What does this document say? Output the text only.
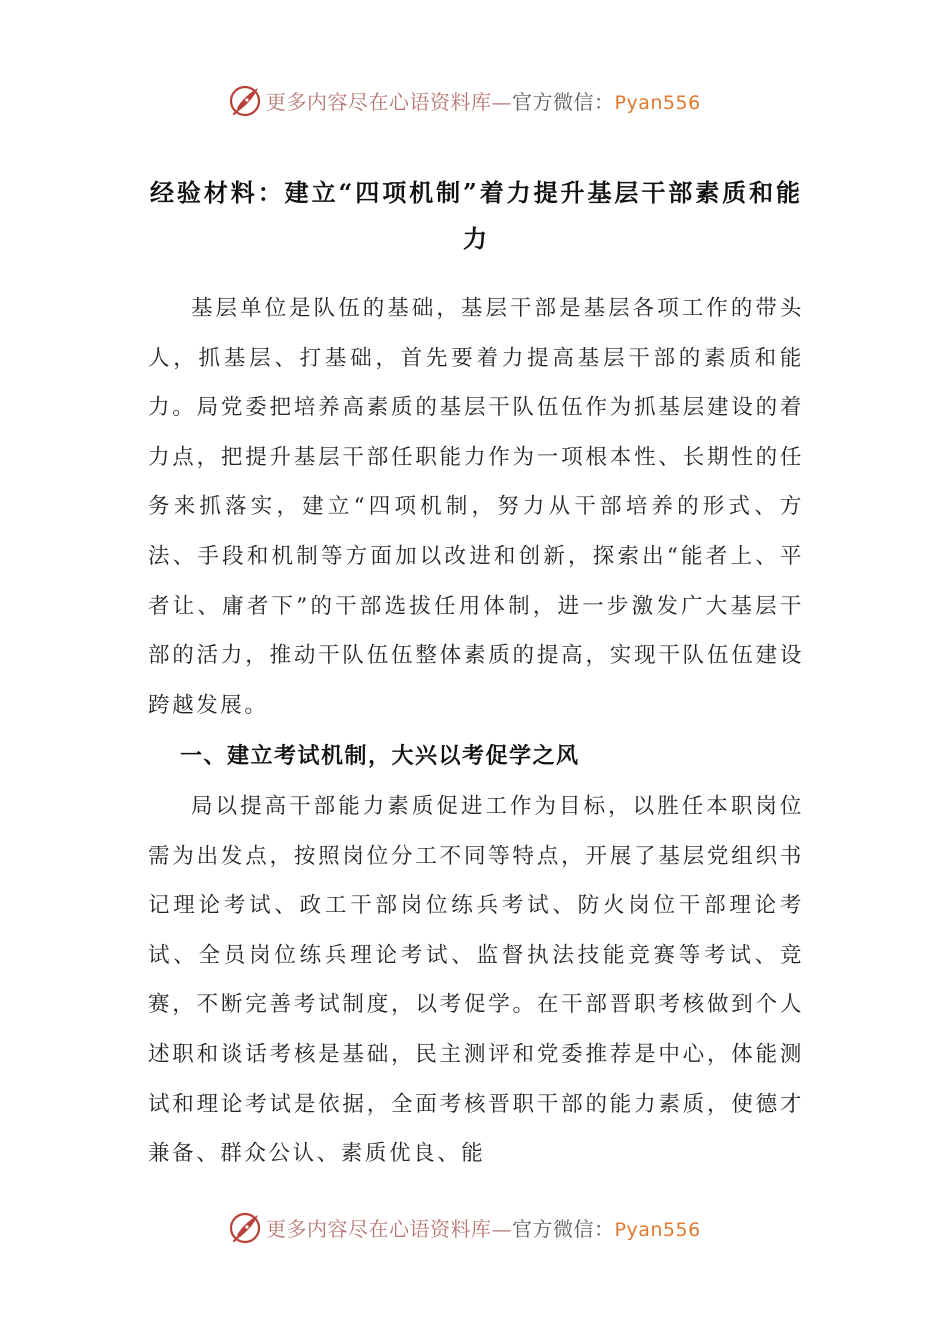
更多内容尽在心语资料库—官方微信：Pyan556
经验材料：建立“四项机制”着力提升基层干部素质和能
力
基层单位是队伍的基础，基层干部是基层各项工作的带头人，抓基层、打基础，首先要着力提高基层干部的素质和能力。局党委把培养高素质的基层干队伍伍作为抓基层建设的着力点，把提升基层干部任职能力作为一项根本性、长期性的任务来抓落实，建立“四项机制，努力从干部培养的形式、方法、手段和机制等方面加以改进和创新，探索出“能者上、平者让、庸者下”的干部选拔任用体制，进一步激发广大基层干部的活力，推动干队伍伍整体素质的提高，实现干队伍伍建设跨越发展。
一、建立考试机制，大兴以考促学之风
局以提高干部能力素质促进工作为目标，以胜任本职岗位需为出发点，按照岗位分工不同等特点，开展了基层党组织书记理论考试、政工干部岗位练兵考试、防火岗位干部理论考试、全员岗位练兵理论考试、监督执法技能竞赛等考试、竞赛，不断完善考试制度，以考促学。在干部晋职考核做到个人述职和谈话考核是基础，民主测评和党委推荐是中心，体能测试和理论考试是依据，全面考核晋职干部的能力素质，使德才兼备、群众公认、素质优良、能
更多内容尽在心语资料库—官方微信：Pyan556
